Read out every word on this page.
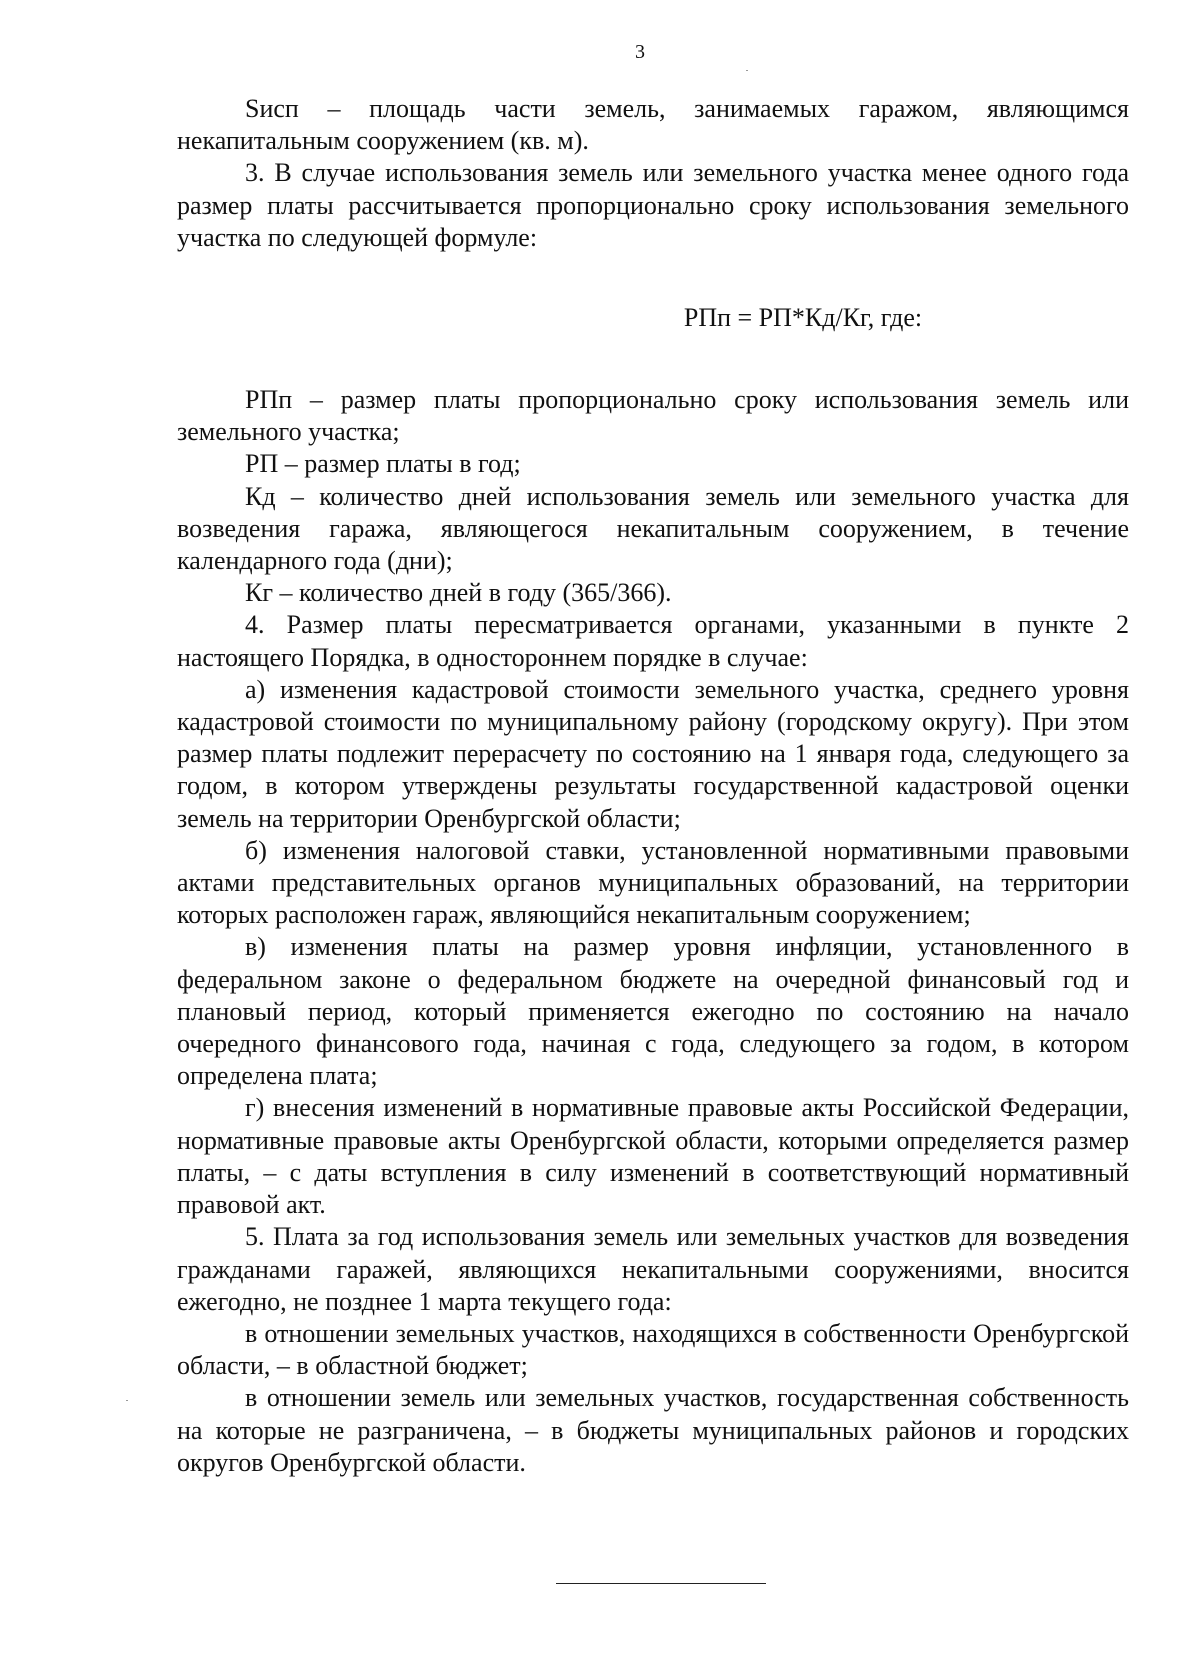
3

Sисп – площадь части земель, занимаемых гаражом, являющимся некапитальным сооружением (кв. м).

3. В случае использования земель или земельного участка менее одного года размер платы рассчитывается пропорционально сроку использования земельного участка по следующей формуле:

РПп = РП*Кд/Кг, где:

РПп – размер платы пропорционально сроку использования земель или земельного участка;

РП – размер платы в год;

Кд – количество дней использования земель или земельного участка для возведения гаража, являющегося некапитальным сооружением, в течение календарного года (дни);

Кг – количество дней в году (365/366).

4. Размер платы пересматривается органами, указанными в пункте 2 настоящего Порядка, в одностороннем порядке в случае:

а) изменения кадастровой стоимости земельного участка, среднего уровня кадастровой стоимости по муниципальному району (городскому округу). При этом размер платы подлежит перерасчету по состоянию на 1 января года, следующего за годом, в котором утверждены результаты государственной кадастровой оценки земель на территории Оренбургской области;

б) изменения налоговой ставки, установленной нормативными правовыми актами представительных органов муниципальных образований, на территории которых расположен гараж, являющийся некапитальным сооружением;

в) изменения платы на размер уровня инфляции, установленного в федеральном законе о федеральном бюджете на очередной финансовый год и плановый период, который применяется ежегодно по состоянию на начало очередного финансового года, начиная с года, следующего за годом, в котором определена плата;

г) внесения изменений в нормативные правовые акты Российской Федерации, нормативные правовые акты Оренбургской области, которыми определяется размер платы, – с даты вступления в силу изменений в соответствующий нормативный правовой акт.

5. Плата за год использования земель или земельных участков для возведения гражданами гаражей, являющихся некапитальными сооружениями, вносится ежегодно, не позднее 1 марта текущего года:

в отношении земельных участков, находящихся в собственности Оренбургской области, – в областной бюджет;

в отношении земель или земельных участков, государственная собственность на которые не разграничена, – в бюджеты муниципальных районов и городских округов Оренбургской области.
